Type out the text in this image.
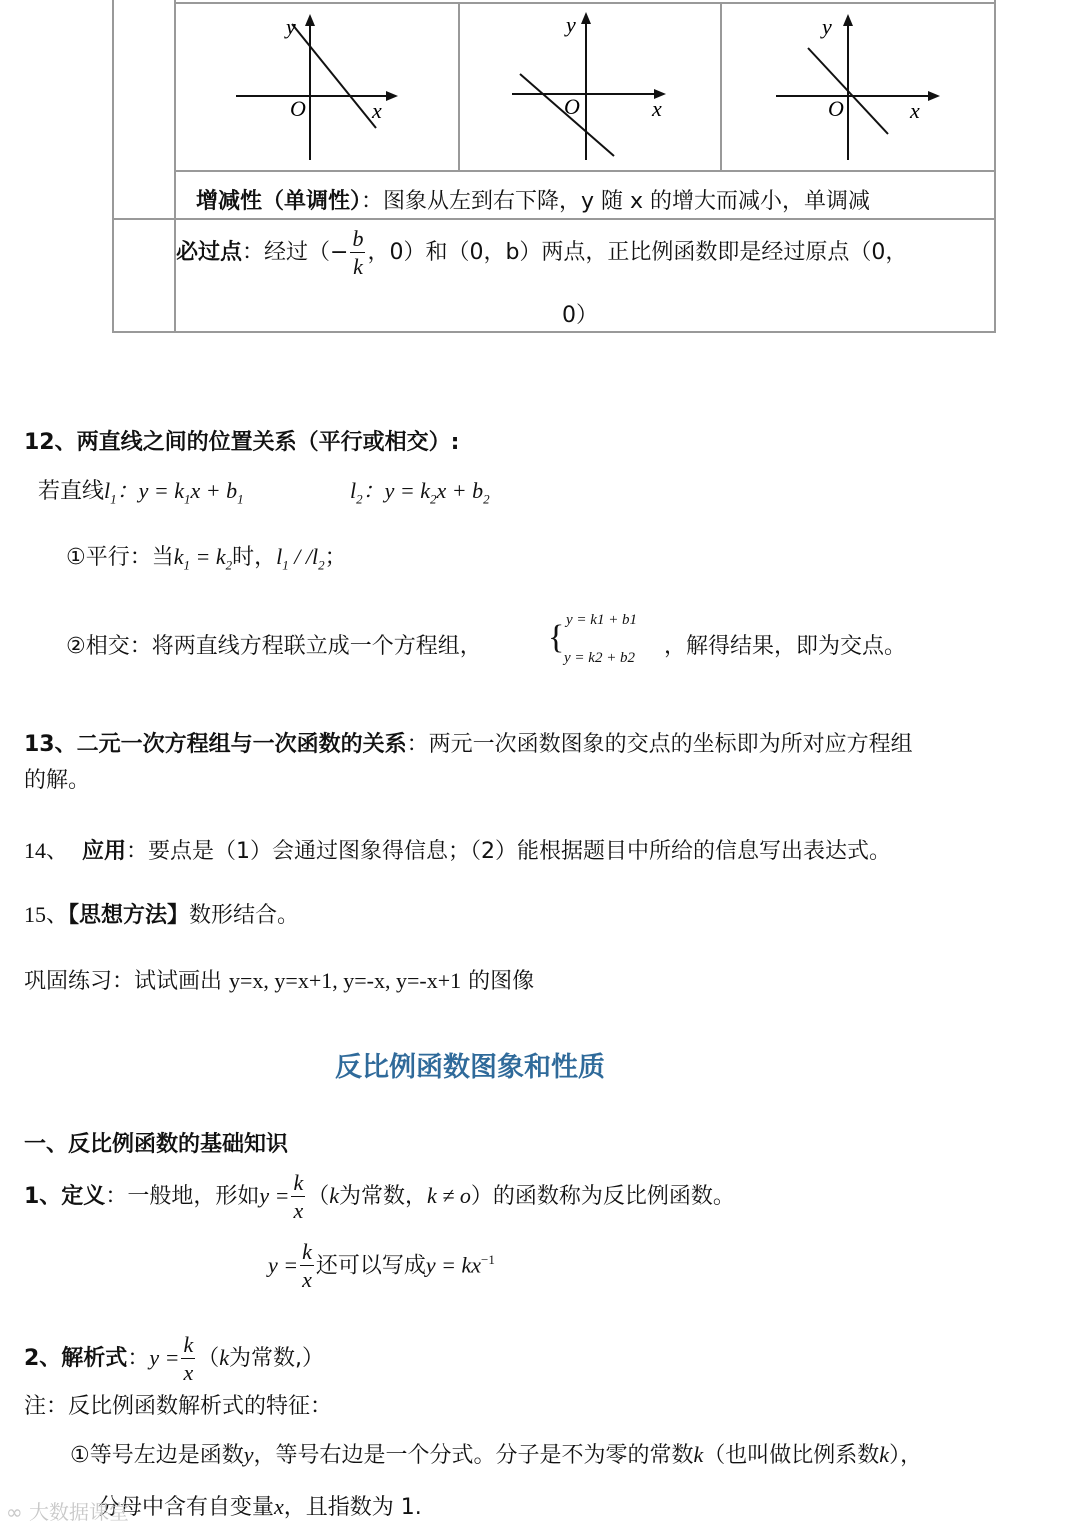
y
x
O
y
x
O
y
x
O
增减性（单调性）：图象从左到右下降，y 随 x 的增大而减小，单调减
必过点：经过（− $\frac{b}{k}$ ，0）和（0，b）两点，正比例函数即是经过原点（0，
0）
12、两直线之间的位置关系（平行或相交）:
若直线$l_1$：$y = k_1x + b_1$	$l_2$：$y = k_2x + b_2$
①平行：当$k_1 = k_2$时，$l_1 / /l_2$；
②相交：将两直线方程联立成一个方程组， { y = k1 + b1
y = k2 + b2 ，解得结果，即为交点。
13、二元一次方程组与一次函数的关系：两元一次函数图象的交点的坐标即为所对应方程组
的解。
14、 应用：要点是（1）会通过图象得信息；（2）能根据题目中所给的信息写出表达式。
15、【思想方法】数形结合。
巩固练习：试试画出 y=x, y=x+1, y=-x, y=-x+1 的图像
反比例函数图象和性质
一、反比例函数的基础知识
1、定义：一般地，形如$y = \frac{k}{x} (k$为常数，k ≠ o）的函数称为反比例函数。
$y = \frac{k}{x}$ 还可以写成$y = kx^{-1}$
2、解析式：$y = \frac{k}{x} (k$为常数,）
注：反比例函数解析式的特征：
①等号左边是函数y，等号右边是一个分式。分子是不为零的常数k（也叫做比例系数k），
分母中含有自变量x，且指数为 1.
∞ 大数据课堂
